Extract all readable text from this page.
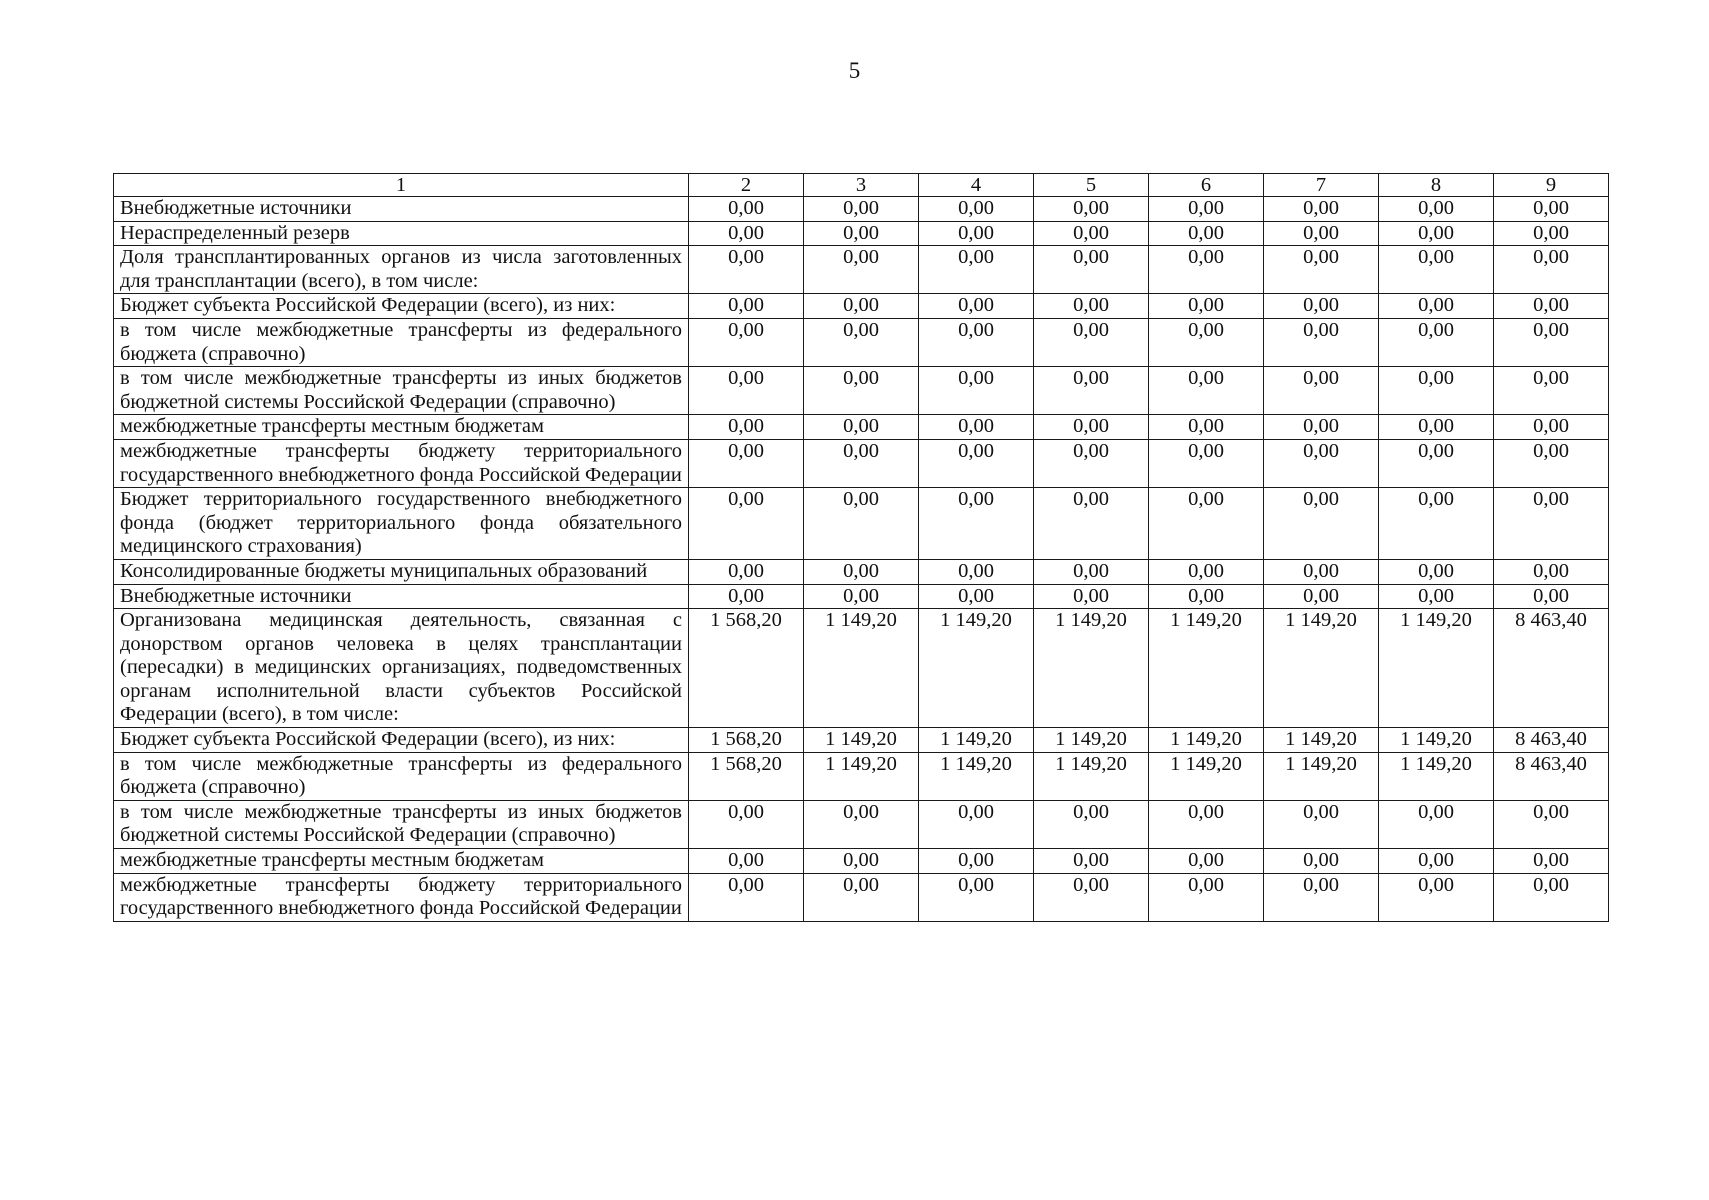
5
1	2	3	4	5	6	7	8	9
Внебюджетные источники	0,00	0,00	0,00	0,00	0,00	0,00	0,00	0,00
Нераспределенный резерв	0,00	0,00	0,00	0,00	0,00	0,00	0,00	0,00
Доля трансплантированных органов из числа заготовленных для трансплантации (всего), в том числе:	0,00	0,00	0,00	0,00	0,00	0,00	0,00	0,00
Бюджет субъекта Российской Федерации (всего), из них:	0,00	0,00	0,00	0,00	0,00	0,00	0,00	0,00
в том числе межбюджетные трансферты из федерального бюджета (справочно)	0,00	0,00	0,00	0,00	0,00	0,00	0,00	0,00
в том числе межбюджетные трансферты из иных бюджетов бюджетной системы Российской Федерации (справочно)	0,00	0,00	0,00	0,00	0,00	0,00	0,00	0,00
межбюджетные трансферты местным бюджетам	0,00	0,00	0,00	0,00	0,00	0,00	0,00	0,00
межбюджетные трансферты бюджету территориального государственного внебюджетного фонда Российской Федерации	0,00	0,00	0,00	0,00	0,00	0,00	0,00	0,00
Бюджет территориального государственного внебюджетного фонда (бюджет территориального фонда обязательного медицинского страхования)	0,00	0,00	0,00	0,00	0,00	0,00	0,00	0,00
Консолидированные бюджеты муниципальных образований	0,00	0,00	0,00	0,00	0,00	0,00	0,00	0,00
Внебюджетные источники	0,00	0,00	0,00	0,00	0,00	0,00	0,00	0,00
Организована медицинская деятельность, связанная с донорством органов человека в целях трансплантации (пересадки) в медицинских организациях, подведомственных органам исполнительной власти субъектов Российской Федерации (всего), в том числе:	1 568,20	1 149,20	1 149,20	1 149,20	1 149,20	1 149,20	1 149,20	8 463,40
Бюджет субъекта Российской Федерации (всего), из них:	1 568,20	1 149,20	1 149,20	1 149,20	1 149,20	1 149,20	1 149,20	8 463,40
в том числе межбюджетные трансферты из федерального бюджета (справочно)	1 568,20	1 149,20	1 149,20	1 149,20	1 149,20	1 149,20	1 149,20	8 463,40
в том числе межбюджетные трансферты из иных бюджетов бюджетной системы Российской Федерации (справочно)	0,00	0,00	0,00	0,00	0,00	0,00	0,00	0,00
межбюджетные трансферты местным бюджетам	0,00	0,00	0,00	0,00	0,00	0,00	0,00	0,00
межбюджетные трансферты бюджету территориального государственного внебюджетного фонда Российской Федерации	0,00	0,00	0,00	0,00	0,00	0,00	0,00	0,00
